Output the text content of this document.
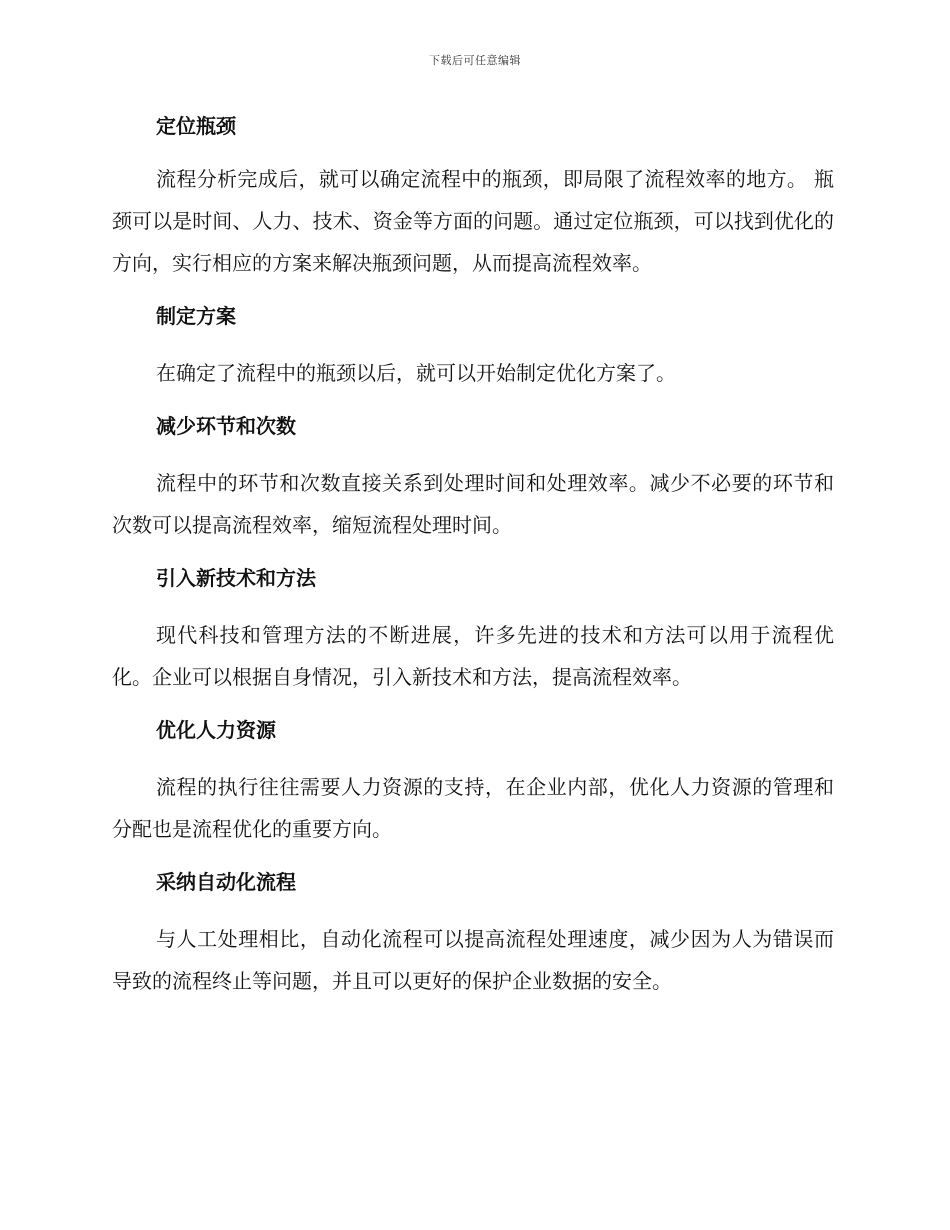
下载后可任意编辑
定位瓶颈

流程分析完成后，就可以确定流程中的瓶颈，即局限了流程效率的地方。 瓶颈可以是时间、人力、技术、资金等方面的问题。通过定位瓶颈，可以找到优化的方向，实行相应的方案来解决瓶颈问题，从而提高流程效率。

制定方案

在确定了流程中的瓶颈以后，就可以开始制定优化方案了。

减少环节和次数

流程中的环节和次数直接关系到处理时间和处理效率。减少不必要的环节和次数可以提高流程效率，缩短流程处理时间。

引入新技术和方法

现代科技和管理方法的不断进展，许多先进的技术和方法可以用于流程优化。企业可以根据自身情况，引入新技术和方法，提高流程效率。

优化人力资源

流程的执行往往需要人力资源的支持，在企业内部，优化人力资源的管理和分配也是流程优化的重要方向。

采纳自动化流程

与人工处理相比，自动化流程可以提高流程处理速度，减少因为人为错误而导致的流程终止等问题，并且可以更好的保护企业数据的安全。
